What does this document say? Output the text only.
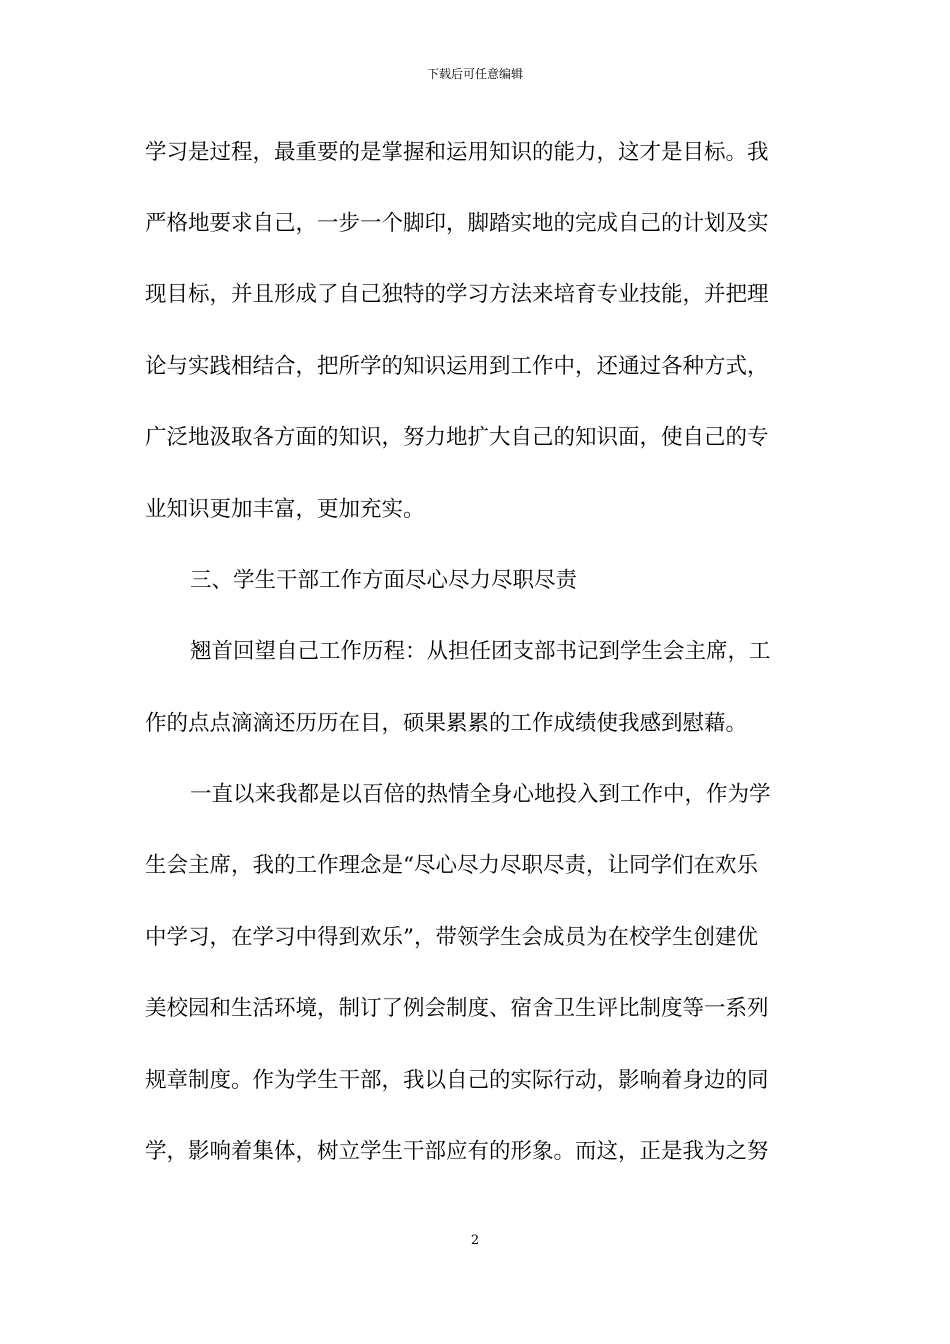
下载后可任意编辑
学习是过程，最重要的是掌握和运用知识的能力，这才是目标。我
严格地要求自己，一步一个脚印，脚踏实地的完成自己的计划及实
现目标，并且形成了自己独特的学习方法来培育专业技能，并把理
论与实践相结合，把所学的知识运用到工作中，还通过各种方式，
广泛地汲取各方面的知识，努力地扩大自己的知识面，使自己的专
业知识更加丰富，更加充实。
三、学生干部工作方面尽心尽力尽职尽责
翘首回望自己工作历程：从担任团支部书记到学生会主席，工
作的点点滴滴还历历在目，硕果累累的工作成绩使我感到慰藉。
一直以来我都是以百倍的热情全身心地投入到工作中，作为学
生会主席，我的工作理念是“尽心尽力尽职尽责，让同学们在欢乐
中学习，在学习中得到欢乐”，带领学生会成员为在校学生创建优
美校园和生活环境，制订了例会制度、宿舍卫生评比制度等一系列
规章制度。作为学生干部，我以自己的实际行动，影响着身边的同
学，影响着集体，树立学生干部应有的形象。而这，正是我为之努
2
